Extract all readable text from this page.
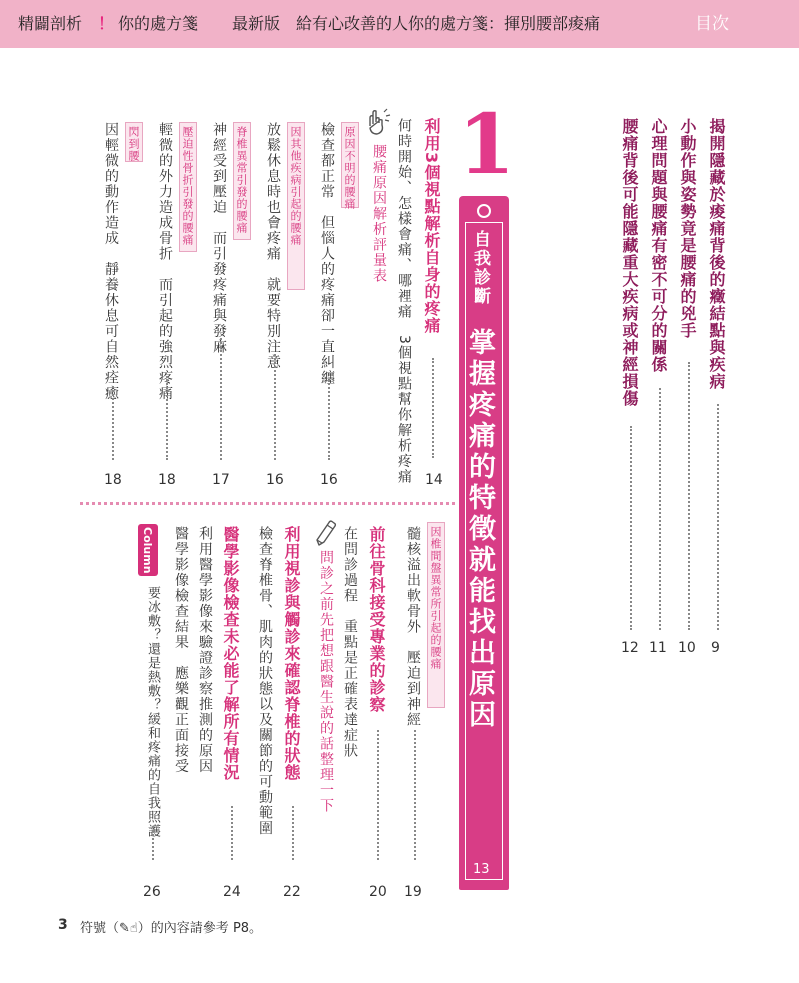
精闢剖析 ！ 你的處方箋 最新版 給有心改善的人你的處方箋：揮別腰部痠痛	目次
揭開隱藏於痠痛背後的癥結點與疾病
9
小動作與姿勢竟是腰痛的兇手
10
心理問題與腰痛有密不可分的關係
11
腰痛背後可能隱藏重大疾病或神經損傷
12
1
自我診斷
掌握疼痛的特徵就能找出原因
13
利用3個視點解析自身的疼痛
14
何時開始、怎樣會痛、哪裡痛　3個視點幫你解析疼痛
腰痛原因解析評量表
原因不明的腰痛
檢查都正常　但惱人的疼痛卻一直糾纏
16
因其他疾病引起的腰痛
放鬆休息時也會疼痛　就要特別注意
16
脊椎異常引發的腰痛
神經受到壓迫　而引發疼痛與發麻
17
壓迫性骨折引發的腰痛
輕微的外力造成骨折　而引起的強烈疼痛
18
閃到腰
因輕微的動作造成　靜養休息可自然痊癒
18
因椎間盤異常所引起的腰痛
髓核溢出軟骨外　壓迫到神經
19
前往骨科接受專業的診察
20
在問診過程　重點是正確表達症狀
問診之前先把想跟醫生說的話整理一下
利用視診與觸診來確認脊椎的狀態
22
檢查脊椎骨、肌肉的狀態以及關節的可動範圍
醫學影像檢查未必能了解所有情況
24
利用醫學影像來驗證診察推測的原因
醫學影像檢查結果　應樂觀正面接受
Column
要冰敷？還是熱敷？緩和疼痛的自我照護
26
3 符號（✎☝）的內容請參考 P8。
